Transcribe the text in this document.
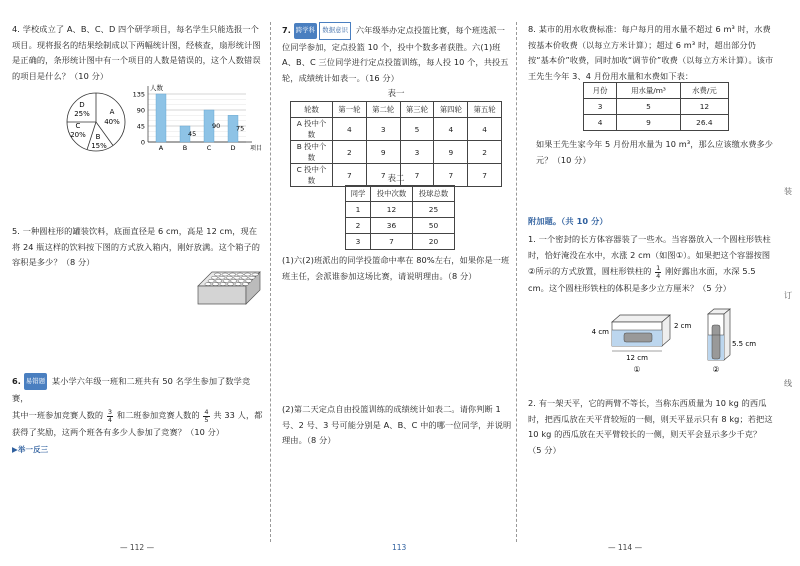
4. 学校成立了 A、B、C、D 四个研学项目，每名学生只能选报一个项目。现将报名的结果绘制成以下两幅统计图，经核查，扇形统计图是正确的，条形统计图中有一个项目的人数是错误的，这个人数错误的项目是什么？（10 分）
A
40%
B
15%
C
20%
D
25%
135
90
45
0
人数
A
45
B
90
C
75
D 项目
5. 一种圆柱形的罐装饮料，底面直径是 6 cm，高是 12 cm，现在将 24 瓶这样的饮料按下图的方式放入箱内，刚好放满。这个箱子的容积是多少？（8 分）
6. 易错题 某小学六年级一班和二班共有 50 名学生参加了数学竞赛，
其中一班参加竞赛人数的 $\frac{3}{4}$ 和二班参加竞赛人数的 $\frac{4}{5}$ 共 33 人，都
获得了奖励，这两个班各有多少人参加了竞赛？（10 分）
▶举一反三
7. 跨学科 数据意识 六年级举办定点投篮比赛，每个班选派一位同学参加，定点投篮 10 个，投中个数多者获胜。六(1)班 A、B、C 三位同学进行定点投篮训练，每人投 10 个，共投五轮，成绩统计如表一。（16 分）
表一
轮数	第一轮	第二轮	第三轮	第四轮	第五轮
A 投中个数	4	3	5	4	4
B 投中个数	2	9	3	9	2
C 投中个数	7	7	7	7	7
表二
同学	投中次数	投球总数
1	12	25
2	36	50
3	7	20
(1)六(2)班派出的同学投篮命中率在 80%左右，如果你是一班班主任，会派谁参加这场比赛，请说明理由。（8 分）
(2)第二天定点自由投篮训练的成绩统计如表二。请你判断 1 号、2 号、3 号可能分别是 A、B、C 中的哪一位同学，并说明理由。（8 分）
8. 某市的用水收费标准：每户每月的用水量不超过 6 m³ 时，水费按基本价收费（以每立方米计算）；超过 6 m³ 时，超出部分仍按“基本价”收费，同时加收“调节价”收费（以每立方米计算）。该市王先生今年 3、4 月份用水量和水费如下表：
月份	用水量/m³	水费/元
3	5	12
4	9	26.4
如果王先生家今年 5 月份用水量为 10 m³，那么应该缴水费多少元？（10 分）
附加题。（共 10 分）
1. 一个密封的长方体容器装了一些水。当容器放入一个圆柱形铁柱时，恰好淹没在水中，水涨 2 cm（如图①）。如果把这个容器按图②所示的方式放置，圆柱形铁柱的 $\frac{1}{4}$ 刚好露出水面，水深 5.5 cm。这个圆柱形铁柱的体积是多少立方厘米？（5 分）
4 cm
2 cm
12 cm
①
5.5 cm
②
2. 有一架天平，它的两臂不等长，当称东西质量为 10 kg 的西瓜时，把西瓜放在天平背较短的一侧，则天平显示只有 8 kg；若把这 10 kg 的西瓜放在天平臂较长的一侧，则天平会显示多少千克？（5 分）
装
订
线
— 112 —	113	— 114 —
